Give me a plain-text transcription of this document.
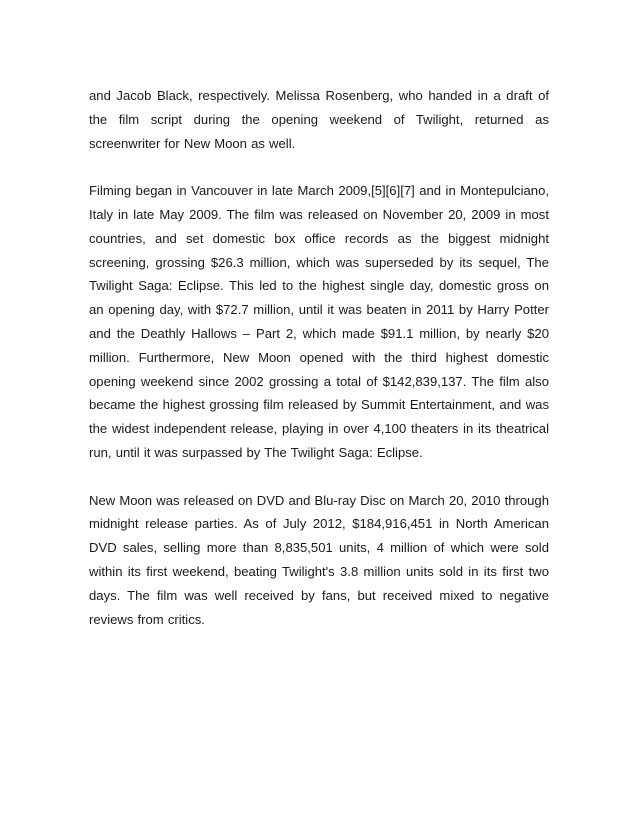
and Jacob Black, respectively. Melissa Rosenberg, who handed in a draft of the film script during the opening weekend of Twilight, returned as screenwriter for New Moon as well.

Filming began in Vancouver in late March 2009,[5][6][7] and in Montepulciano, Italy in late May 2009. The film was released on November 20, 2009 in most countries, and set domestic box office records as the biggest midnight screening, grossing $26.3 million, which was superseded by its sequel, The Twilight Saga: Eclipse. This led to the highest single day, domestic gross on an opening day, with $72.7 million, until it was beaten in 2011 by Harry Potter and the Deathly Hallows – Part 2, which made $91.1 million, by nearly $20 million. Furthermore, New Moon opened with the third highest domestic opening weekend since 2002 grossing a total of $142,839,137. The film also became the highest grossing film released by Summit Entertainment, and was the widest independent release, playing in over 4,100 theaters in its theatrical run, until it was surpassed by The Twilight Saga: Eclipse.

New Moon was released on DVD and Blu-ray Disc on March 20, 2010 through midnight release parties. As of July 2012, $184,916,451 in North American DVD sales, selling more than 8,835,501 units, 4 million of which were sold within its first weekend, beating Twilight's 3.8 million units sold in its first two days. The film was well received by fans, but received mixed to negative reviews from critics.
